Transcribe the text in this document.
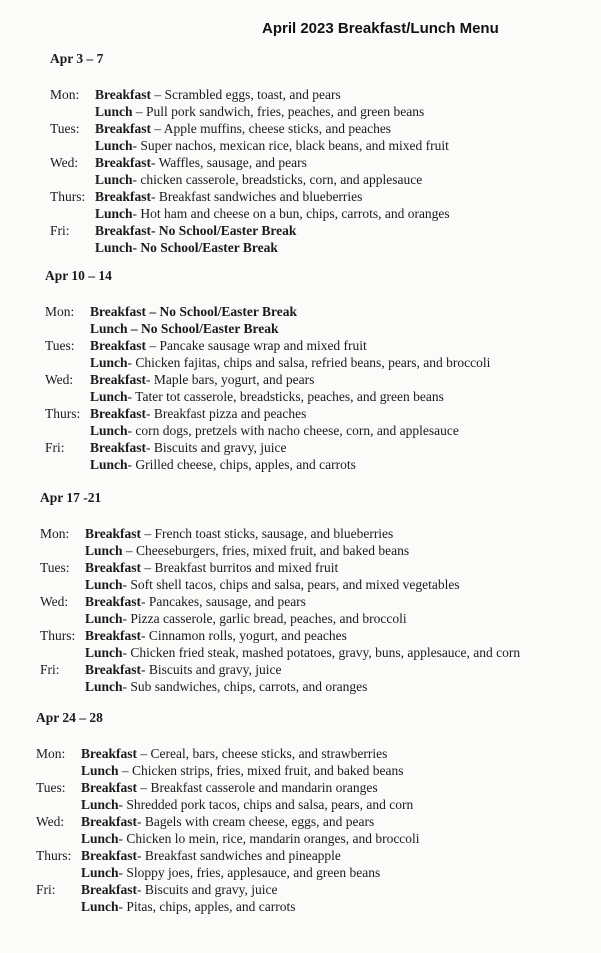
April 2023 Breakfast/Lunch Menu
Apr 3 – 7
Mon: Breakfast – Scrambled eggs, toast, and pears
Lunch – Pull pork sandwich, fries, peaches, and green beans
Tues: Breakfast – Apple muffins, cheese sticks, and peaches
Lunch- Super nachos, mexican rice, black beans, and mixed fruit
Wed: Breakfast- Waffles, sausage, and pears
Lunch- chicken casserole, breadsticks, corn, and applesauce
Thurs: Breakfast- Breakfast sandwiches and blueberries
Lunch- Hot ham and cheese on a bun, chips, carrots, and oranges
Fri: Breakfast- No School/Easter Break
Lunch- No School/Easter Break
Apr 10 – 14
Mon: Breakfast – No School/Easter Break
Lunch – No School/Easter Break
Tues: Breakfast – Pancake sausage wrap and mixed fruit
Lunch- Chicken fajitas, chips and salsa, refried beans, pears, and broccoli
Wed: Breakfast- Maple bars, yogurt, and pears
Lunch- Tater tot casserole, breadsticks, peaches, and green beans
Thurs: Breakfast- Breakfast pizza and peaches
Lunch- corn dogs, pretzels with nacho cheese, corn, and applesauce
Fri: Breakfast- Biscuits and gravy, juice
Lunch- Grilled cheese, chips, apples, and carrots
Apr 17 -21
Mon: Breakfast – French toast sticks, sausage, and blueberries
Lunch – Cheeseburgers, fries, mixed fruit, and baked beans
Tues: Breakfast – Breakfast burritos and mixed fruit
Lunch- Soft shell tacos, chips and salsa, pears, and mixed vegetables
Wed: Breakfast- Pancakes, sausage, and pears
Lunch- Pizza casserole, garlic bread, peaches, and broccoli
Thurs: Breakfast- Cinnamon rolls, yogurt, and peaches
Lunch- Chicken fried steak, mashed potatoes, gravy, buns, applesauce, and corn
Fri: Breakfast- Biscuits and gravy, juice
Lunch- Sub sandwiches, chips, carrots, and oranges
Apr 24 – 28
Mon: Breakfast – Cereal, bars, cheese sticks, and strawberries
Lunch – Chicken strips, fries, mixed fruit, and baked beans
Tues: Breakfast – Breakfast casserole and mandarin oranges
Lunch- Shredded pork tacos, chips and salsa, pears, and corn
Wed: Breakfast- Bagels with cream cheese, eggs, and pears
Lunch- Chicken lo mein, rice, mandarin oranges, and broccoli
Thurs: Breakfast- Breakfast sandwiches and pineapple
Lunch- Sloppy joes, fries, applesauce, and green beans
Fri: Breakfast- Biscuits and gravy, juice
Lunch- Pitas, chips, apples, and carrots
